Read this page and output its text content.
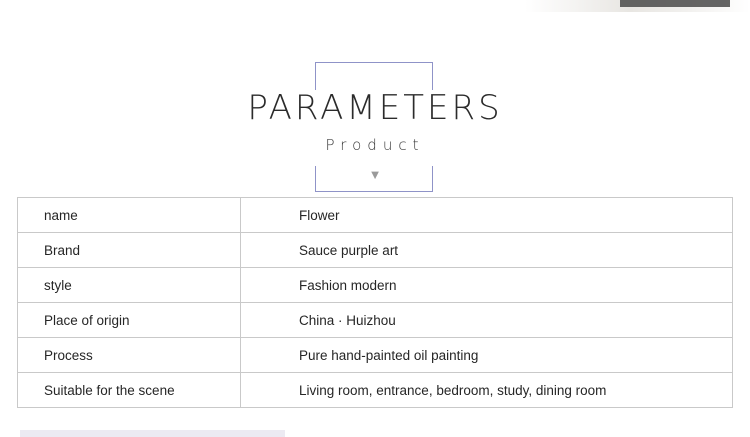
PARAMETERS
Product
▼
name	Flower
Brand	Sauce purple art
style	Fashion modern
Place of origin	China · Huizhou
Process	Pure hand-painted oil painting
Suitable for the scene	Living room, entrance, bedroom, study, dining room
